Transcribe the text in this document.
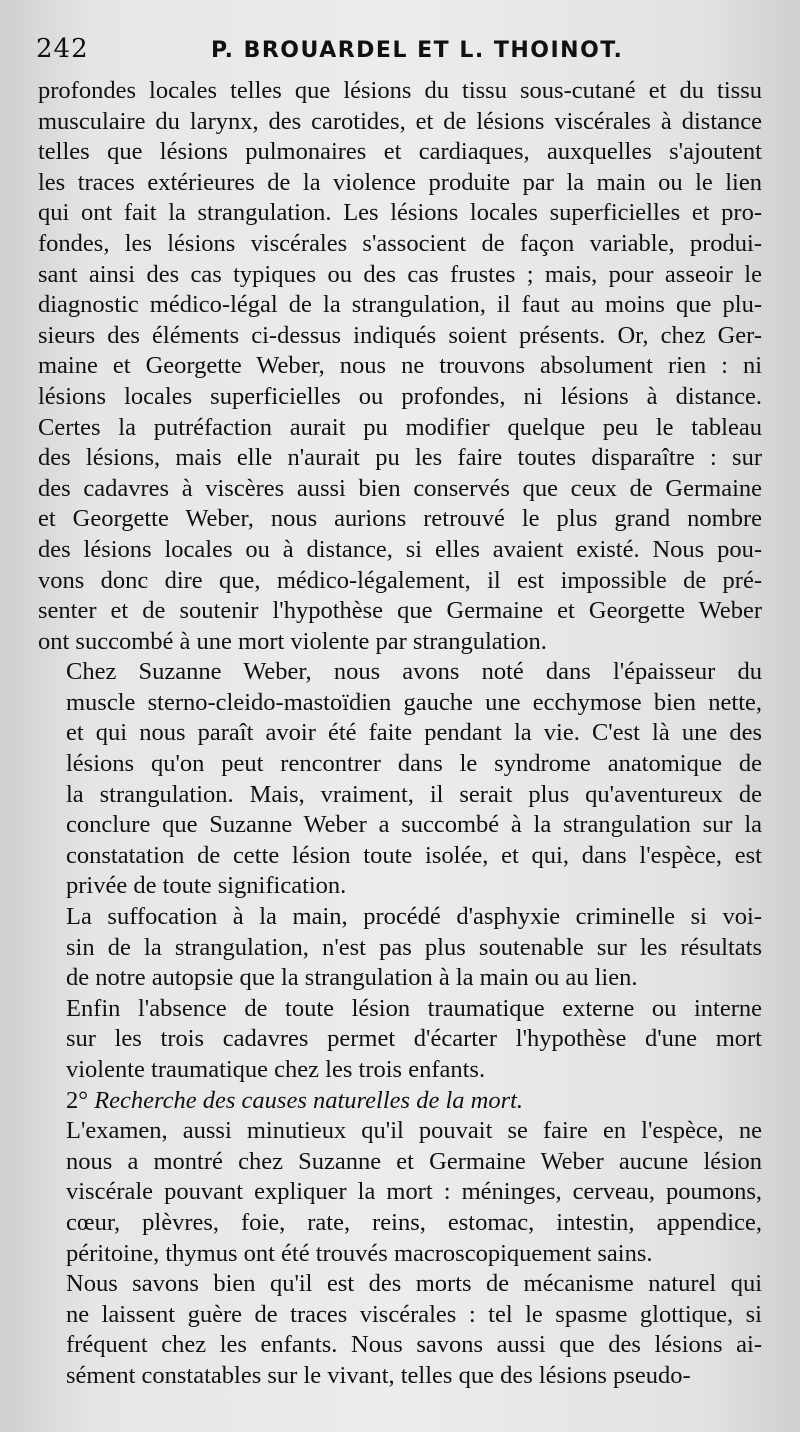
242	P. BROUARDEL ET L. THOINOT.

profondes locales telles que lésions du tissu sous-cutané et du tissu
musculaire du larynx, des carotides, et de lésions viscérales à distance
telles que lésions pulmonaires et cardiaques, auxquelles s'ajoutent
les traces extérieures de la violence produite par la main ou le lien
qui ont fait la strangulation. Les lésions locales superficielles et pro-
fondes, les lésions viscérales s'associent de façon variable, produi-
sant ainsi des cas typiques ou des cas frustes ; mais, pour asseoir le
diagnostic médico-légal de la strangulation, il faut au moins que plu-
sieurs des éléments ci-dessus indiqués soient présents. Or, chez Ger-
maine et Georgette Weber, nous ne trouvons absolument rien : ni
lésions locales superficielles ou profondes, ni lésions à distance.
Certes la putréfaction aurait pu modifier quelque peu le tableau
des lésions, mais elle n'aurait pu les faire toutes disparaître : sur
des cadavres à viscères aussi bien conservés que ceux de Germaine
et Georgette Weber, nous aurions retrouvé le plus grand nombre
des lésions locales ou à distance, si elles avaient existé. Nous pou-
vons donc dire que, médico-légalement, il est impossible de pré-
senter et de soutenir l'hypothèse que Germaine et Georgette Weber
ont succombé à une mort violente par strangulation.

Chez Suzanne Weber, nous avons noté dans l'épaisseur du
muscle sterno-cleido-mastoïdien gauche une ecchymose bien nette,
et qui nous paraît avoir été faite pendant la vie. C'est là une des
lésions qu'on peut rencontrer dans le syndrome anatomique de
la strangulation. Mais, vraiment, il serait plus qu'aventureux de
conclure que Suzanne Weber a succombé à la strangulation sur la
constatation de cette lésion toute isolée, et qui, dans l'espèce, est
privée de toute signification.

La suffocation à la main, procédé d'asphyxie criminelle si voi-
sin de la strangulation, n'est pas plus soutenable sur les résultats
de notre autopsie que la strangulation à la main ou au lien.

Enfin l'absence de toute lésion traumatique externe ou interne
sur les trois cadavres permet d'écarter l'hypothèse d'une mort
violente traumatique chez les trois enfants.

2° Recherche des causes naturelles de la mort.

L'examen, aussi minutieux qu'il pouvait se faire en l'espèce, ne
nous a montré chez Suzanne et Germaine Weber aucune lésion
viscérale pouvant expliquer la mort : méninges, cerveau, poumons,
cœur, plèvres, foie, rate, reins, estomac, intestin, appendice,
péritoine, thymus ont été trouvés macroscopiquement sains.

Nous savons bien qu'il est des morts de mécanisme naturel qui
ne laissent guère de traces viscérales : tel le spasme glottique, si
fréquent chez les enfants. Nous savons aussi que des lésions ai-
sément constatables sur le vivant, telles que des lésions pseudo-
